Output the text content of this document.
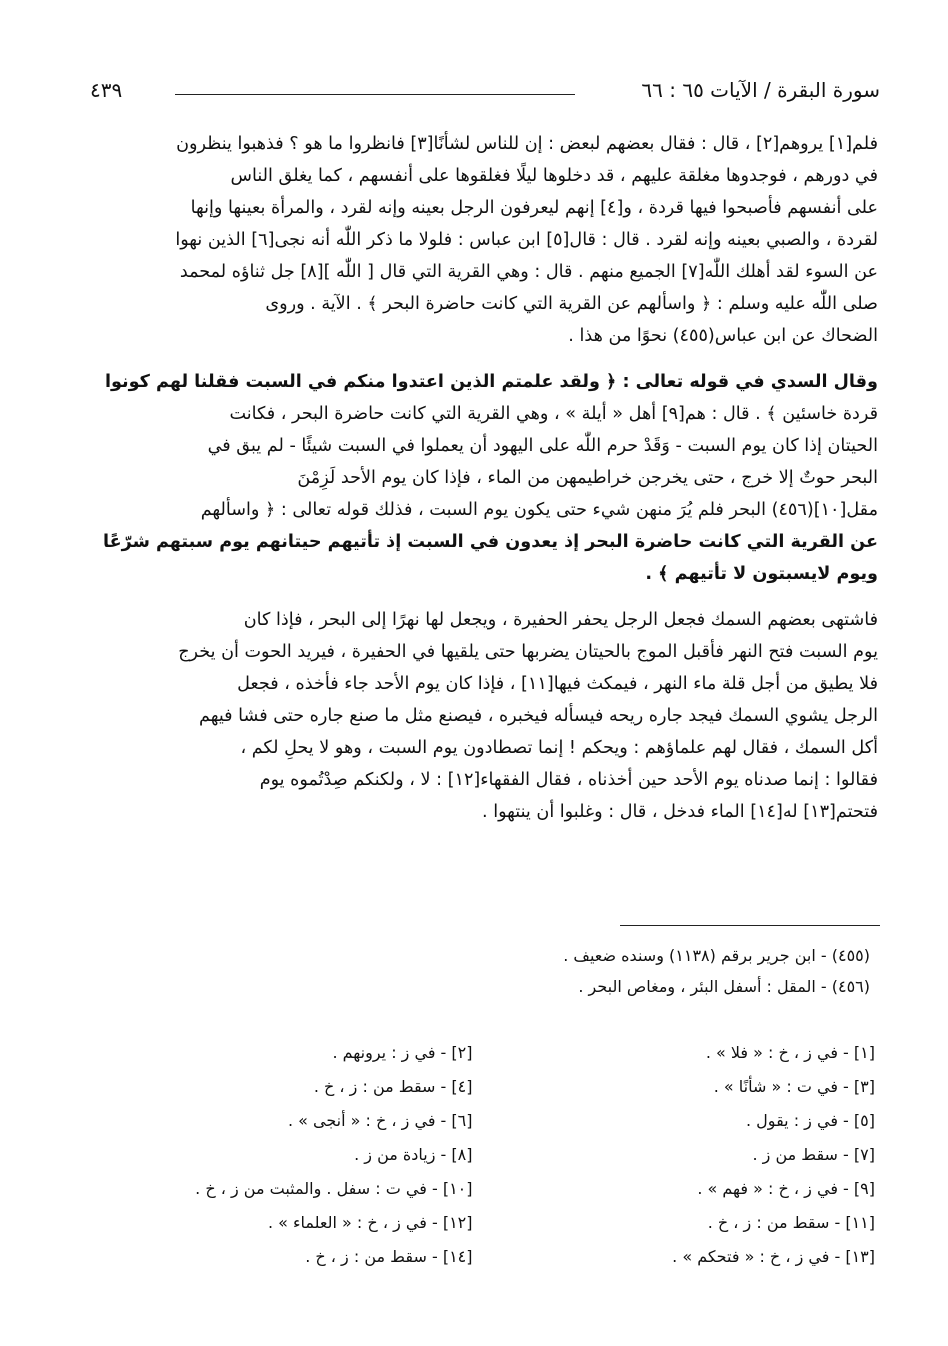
سورة البقرة / الآيات ٦٥ : ٦٦
٤٣٩

فلم[١] يروهم[٢] ، قال : فقال بعضهم لبعض : إن للناس لشأنًا[٣] فانظروا ما هو ؟ فذهبوا ينظرون

في دورهم ، فوجدوها مغلقة عليهم ، قد دخلوها ليلًا فغلقوها على أنفسهم ، كما يغلق الناس

على أنفسهم فأصبحوا فيها قردة ، و[٤] إنهم ليعرفون الرجل بعينه وإنه لقرد ، والمرأة بعينها وإنها

لقردة ، والصبي بعينه وإنه لقرد . قال : قال[٥] ابن عباس : فلولا ما ذكر اللّٰه أنه نجى[٦] الذين نهوا

عن السوء لقد أهلك اللّٰه[٧] الجميع منهم . قال : وهي القرية التي قال [ اللّٰه ][٨] جل ثناؤه لمحمد

صلى اللّٰه عليه وسلم : ﴿ واسألهم عن القرية التي كانت حاضرة البحر ﴾ . الآية . وروى

الضحاك عن ابن عباس(٤٥٥) نحوًا من هذا .

وقال السدي في قوله تعالى : ﴿ ولقد علمتم الذين اعتدوا منكم في السبت فقلنا لهم كونوا

قردة خاسئين ﴾ . قال : هم[٩] أهل « أيلة » ، وهي القرية التي كانت حاضرة البحر ، فكانت

الحيتان إذا كان يوم السبت - وَقَدْ حرم اللّٰه على اليهود أن يعملوا في السبت شيئًا - لم يبق في

البحر حوتٌ إلا خرج ، حتى يخرجن خراطيمهن من الماء ، فإذا كان يوم الأحد لَزِمْنَ

مقل[١٠](٤٥٦) البحر فلم يُرَ منهن شيء حتى يكون يوم السبت ، فذلك قوله تعالى : ﴿ واسألهم

عن القرية التي كانت حاضرة البحر إذ يعدون في السبت إذ تأتيهم حيتانهم يوم سبتهم شرّعًا

ويوم لايسبتون لا تأتيهم ﴾ .

فاشتهى بعضهم السمك فجعل الرجل يحفر الحفيرة ، ويجعل لها نهرًا إلى البحر ، فإذا كان

يوم السبت فتح النهر فأقبل الموج بالحيتان يضربها حتى يلقيها في الحفيرة ، فيريد الحوت أن يخرج

فلا يطيق من أجل قلة ماء النهر ، فيمكث فيها[١١] ، فإذا كان يوم الأحد جاء فأخذه ، فجعل

الرجل يشوي السمك فيجد جاره ريحه فيسأله فيخبره ، فيصنع مثل ما صنع جاره حتى فشا فيهم

أكل السمك ، فقال لهم علماؤهم : ويحكم ! إنما تصطادون يوم السبت ، وهو لا يحلِ لكم ،

فقالوا : إنما صدناه يوم الأحد حين أخذناه ، فقال الفقهاء[١٢] : لا ، ولكنكم صِدْتُموه يوم

فتحتم[١٣] له[١٤] الماء فدخل ، قال : وغلبوا أن ينتهوا .

(٤٥٥) - ابن جرير برقم (١١٣٨) وسنده ضعيف .
(٤٥٦) - المقل : أسفل البئر ، ومغاص البحر .
[١] - في ز ، خ : « فلا » .
[٢] - في ز : يرونهم .
[٣] - في ت : « شأنًا » .
[٤] - سقط من : ز ، خ .
[٥] - في ز : يقول .
[٦] - في ز ، خ : « أنجى » .
[٧] - سقط من ز .
[٨] - زيادة من ز .
[٩] - في ز ، خ : « فهم » .
[١٠] - في ت : سفل . والمثبت من ز ، خ .
[١١] - سقط من : ز ، خ .
[١٢] - في ز ، خ : « العلماء » .
[١٣] - في ز ، خ : « فتحكم » .
[١٤] - سقط من : ز ، خ .
